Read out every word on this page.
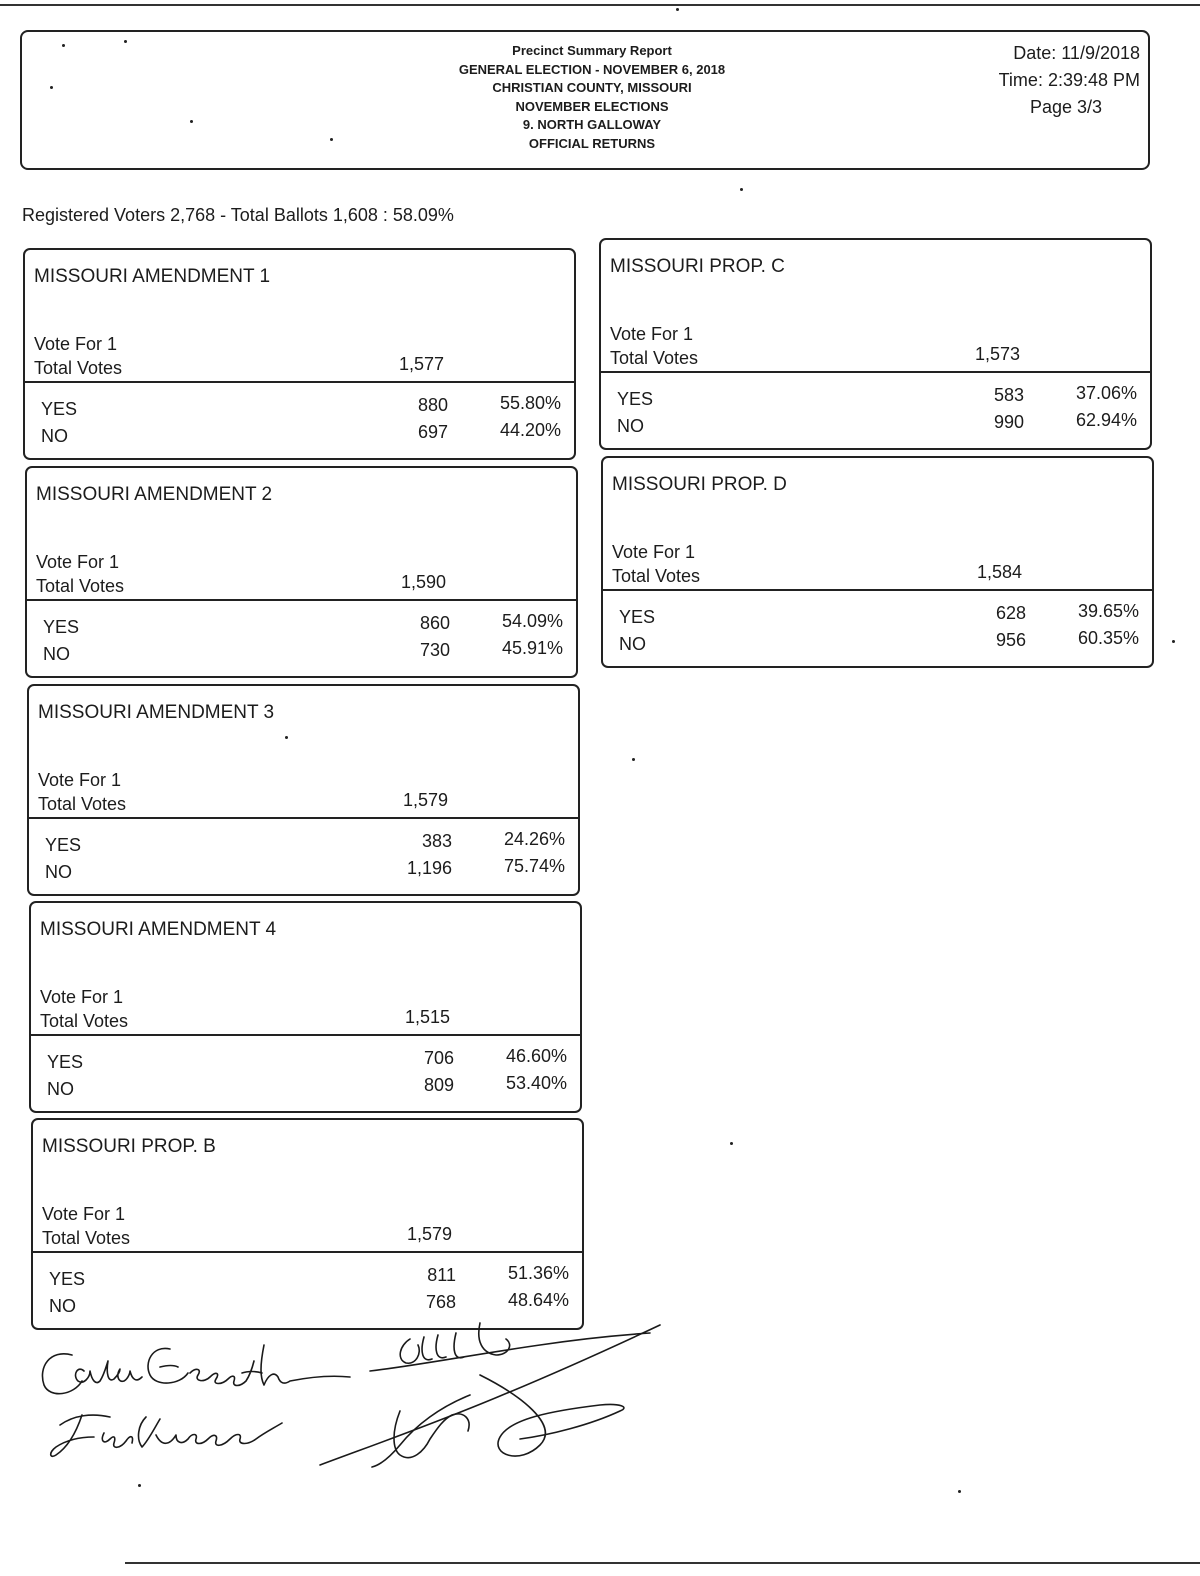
Precinct Summary Report
GENERAL ELECTION - NOVEMBER 6, 2018
CHRISTIAN COUNTY, MISSOURI
NOVEMBER ELECTIONS
9. NORTH GALLOWAY
OFFICIAL RETURNS
Date: 11/9/2018
Time: 2:39:48 PM
Page 3/3
Registered Voters 2,768 - Total Ballots 1,608 : 58.09%
MISSOURI AMENDMENT 1
Vote For 1
Total Votes	1,577
YES	880	55.80%
NO	697	44.20%
MISSOURI AMENDMENT 2
Vote For 1
Total Votes	1,590
YES	860	54.09%
NO	730	45.91%
MISSOURI AMENDMENT 3
Vote For 1
Total Votes	1,579
YES	383	24.26%
NO	1,196	75.74%
MISSOURI AMENDMENT 4
Vote For 1
Total Votes	1,515
YES	706	46.60%
NO	809	53.40%
MISSOURI PROP. B
Vote For 1
Total Votes	1,579
YES	811	51.36%
NO	768	48.64%
MISSOURI PROP. C
Vote For 1
Total Votes	1,573
YES	583	37.06%
NO	990	62.94%
MISSOURI PROP. D
Vote For 1
Total Votes	1,584
YES	628	39.65%
NO	956	60.35%
